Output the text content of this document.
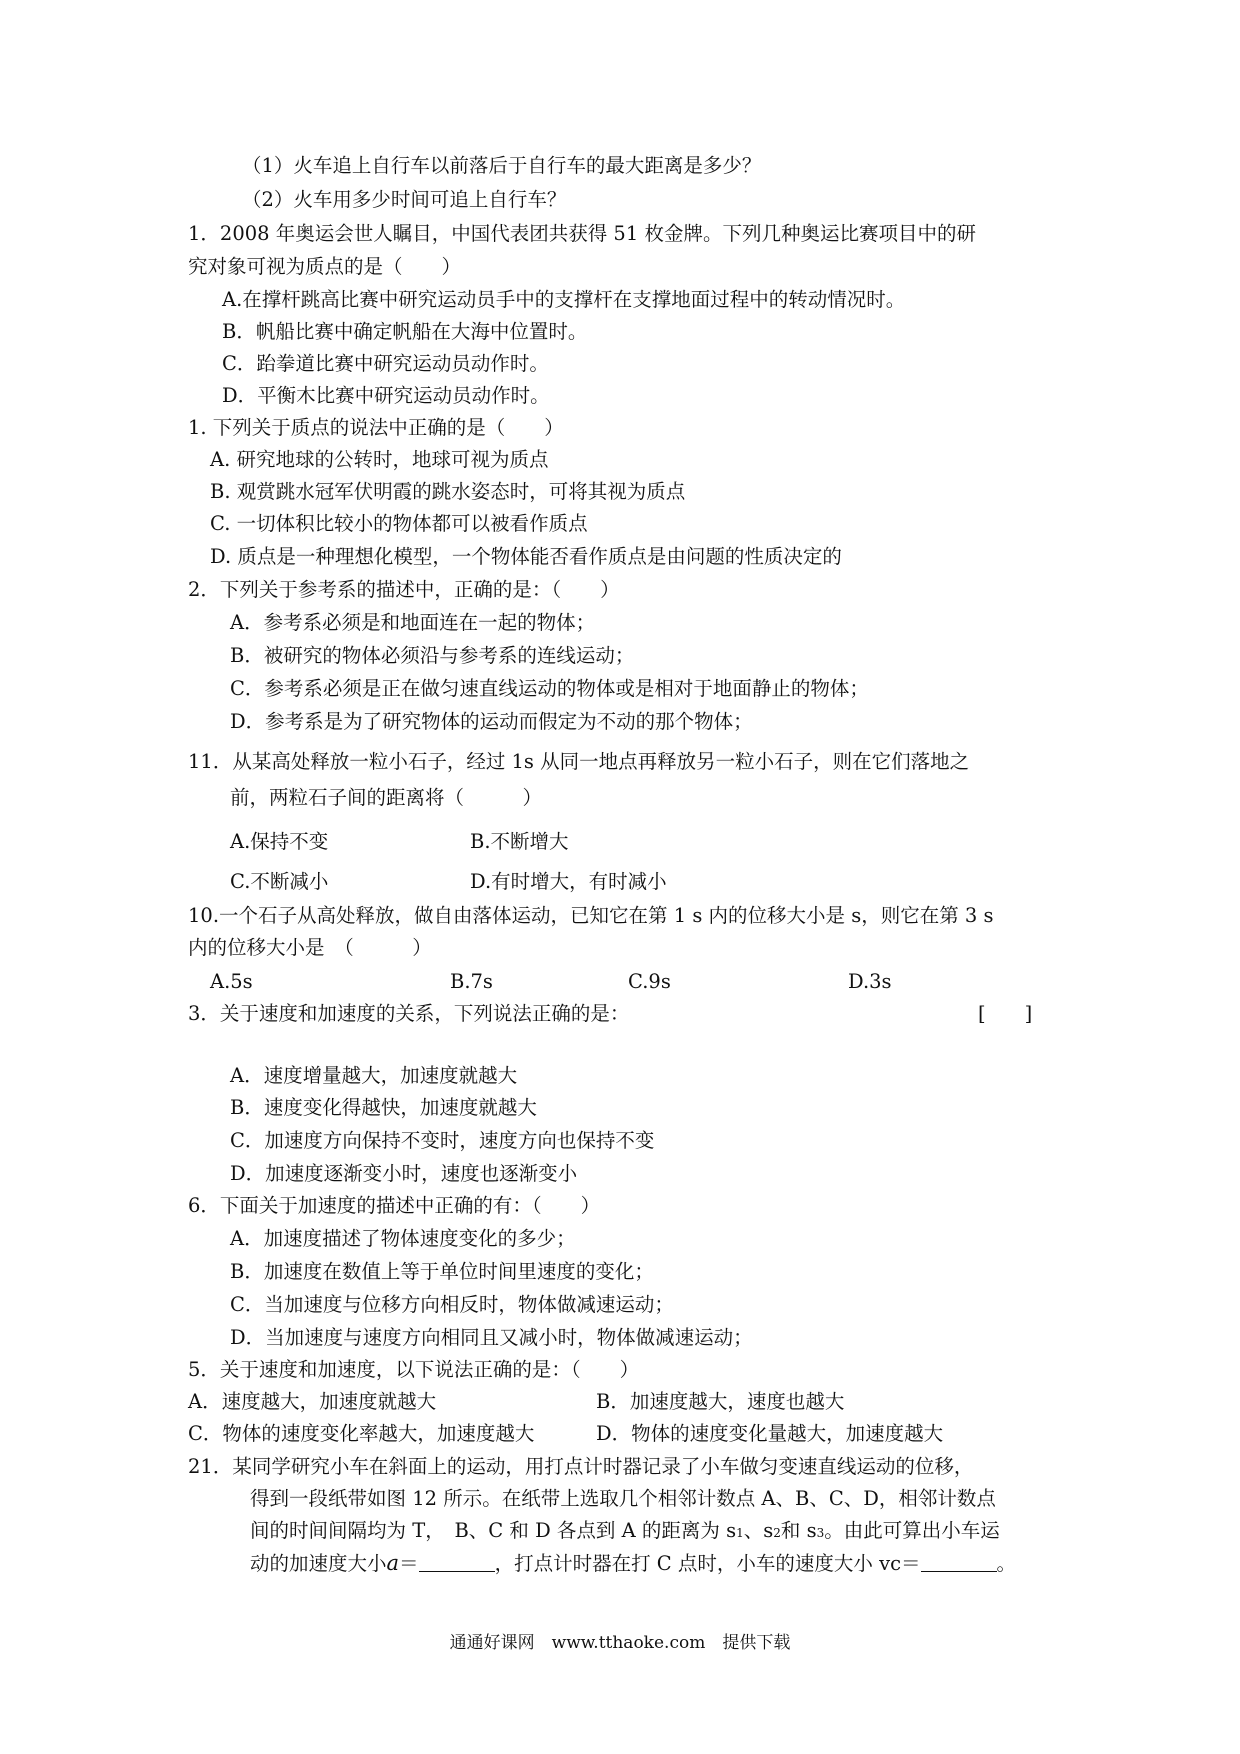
（1）火车追上自行车以前落后于自行车的最大距离是多少？
（2）火车用多少时间可追上自行车？
1．2008 年奥运会世人瞩目，中国代表团共获得 51 枚金牌。下列几种奥运比赛项目中的研
究对象可视为质点的是（　　）
A.在撑杆跳高比赛中研究运动员手中的支撑杆在支撑地面过程中的转动情况时。
B．帆船比赛中确定帆船在大海中位置时。
C．跆拳道比赛中研究运动员动作时。
D．平衡木比赛中研究运动员动作时。
1. 下列关于质点的说法中正确的是（　　）
A. 研究地球的公转时，地球可视为质点
B. 观赏跳水冠军伏明霞的跳水姿态时，可将其视为质点
C. 一切体积比较小的物体都可以被看作质点
D. 质点是一种理想化模型，一个物体能否看作质点是由问题的性质决定的
2．下列关于参考系的描述中，正确的是：（　　）
A．参考系必须是和地面连在一起的物体；
B．被研究的物体必须沿与参考系的连线运动；
C．参考系必须是正在做匀速直线运动的物体或是相对于地面静止的物体；
D．参考系是为了研究物体的运动而假定为不动的那个物体；
11．从某高处释放一粒小石子，经过 1s 从同一地点再释放另一粒小石子，则在它们落地之
前，两粒石子间的距离将（　　　）
A.保持不变	B.不断增大
C.不断减小	D.有时增大，有时减小
10.一个石子从高处释放，做自由落体运动，已知它在第 1 s 内的位移大小是 s，则它在第 3 s
内的位移大小是　（　　　）
A.5s	B.7s	C.9s	D.3s
3．关于速度和加速度的关系，下列说法正确的是：	[　　]
A．速度增量越大，加速度就越大
B．速度变化得越快，加速度就越大
C．加速度方向保持不变时，速度方向也保持不变
D．加速度逐渐变小时，速度也逐渐变小
6．下面关于加速度的描述中正确的有：（　　）
A．加速度描述了物体速度变化的多少；
B．加速度在数值上等于单位时间里速度的变化；
C．当加速度与位移方向相反时，物体做减速运动；
D．当加速度与速度方向相同且又减小时，物体做减速运动；
5．关于速度和加速度，以下说法正确的是：（　　）
A．速度越大，加速度就越大	B．加速度越大，速度也越大
C．物体的速度变化率越大，加速度越大	D．物体的速度变化量越大，加速度越大
21．某同学研究小车在斜面上的运动，用打点计时器记录了小车做匀变速直线运动的位移，
得到一段纸带如图 12 所示。在纸带上选取几个相邻计数点 A、B、C、D，相邻计数点
间的时间间隔均为 T，　B、C 和 D 各点到 A 的距离为 s1、s2和 s3。由此可算出小车运
动的加速度大小a＝	，打点计时器在打 C 点时，小车的速度大小 vc＝	。
通通好课网　www.tthaoke.com　提供下载
